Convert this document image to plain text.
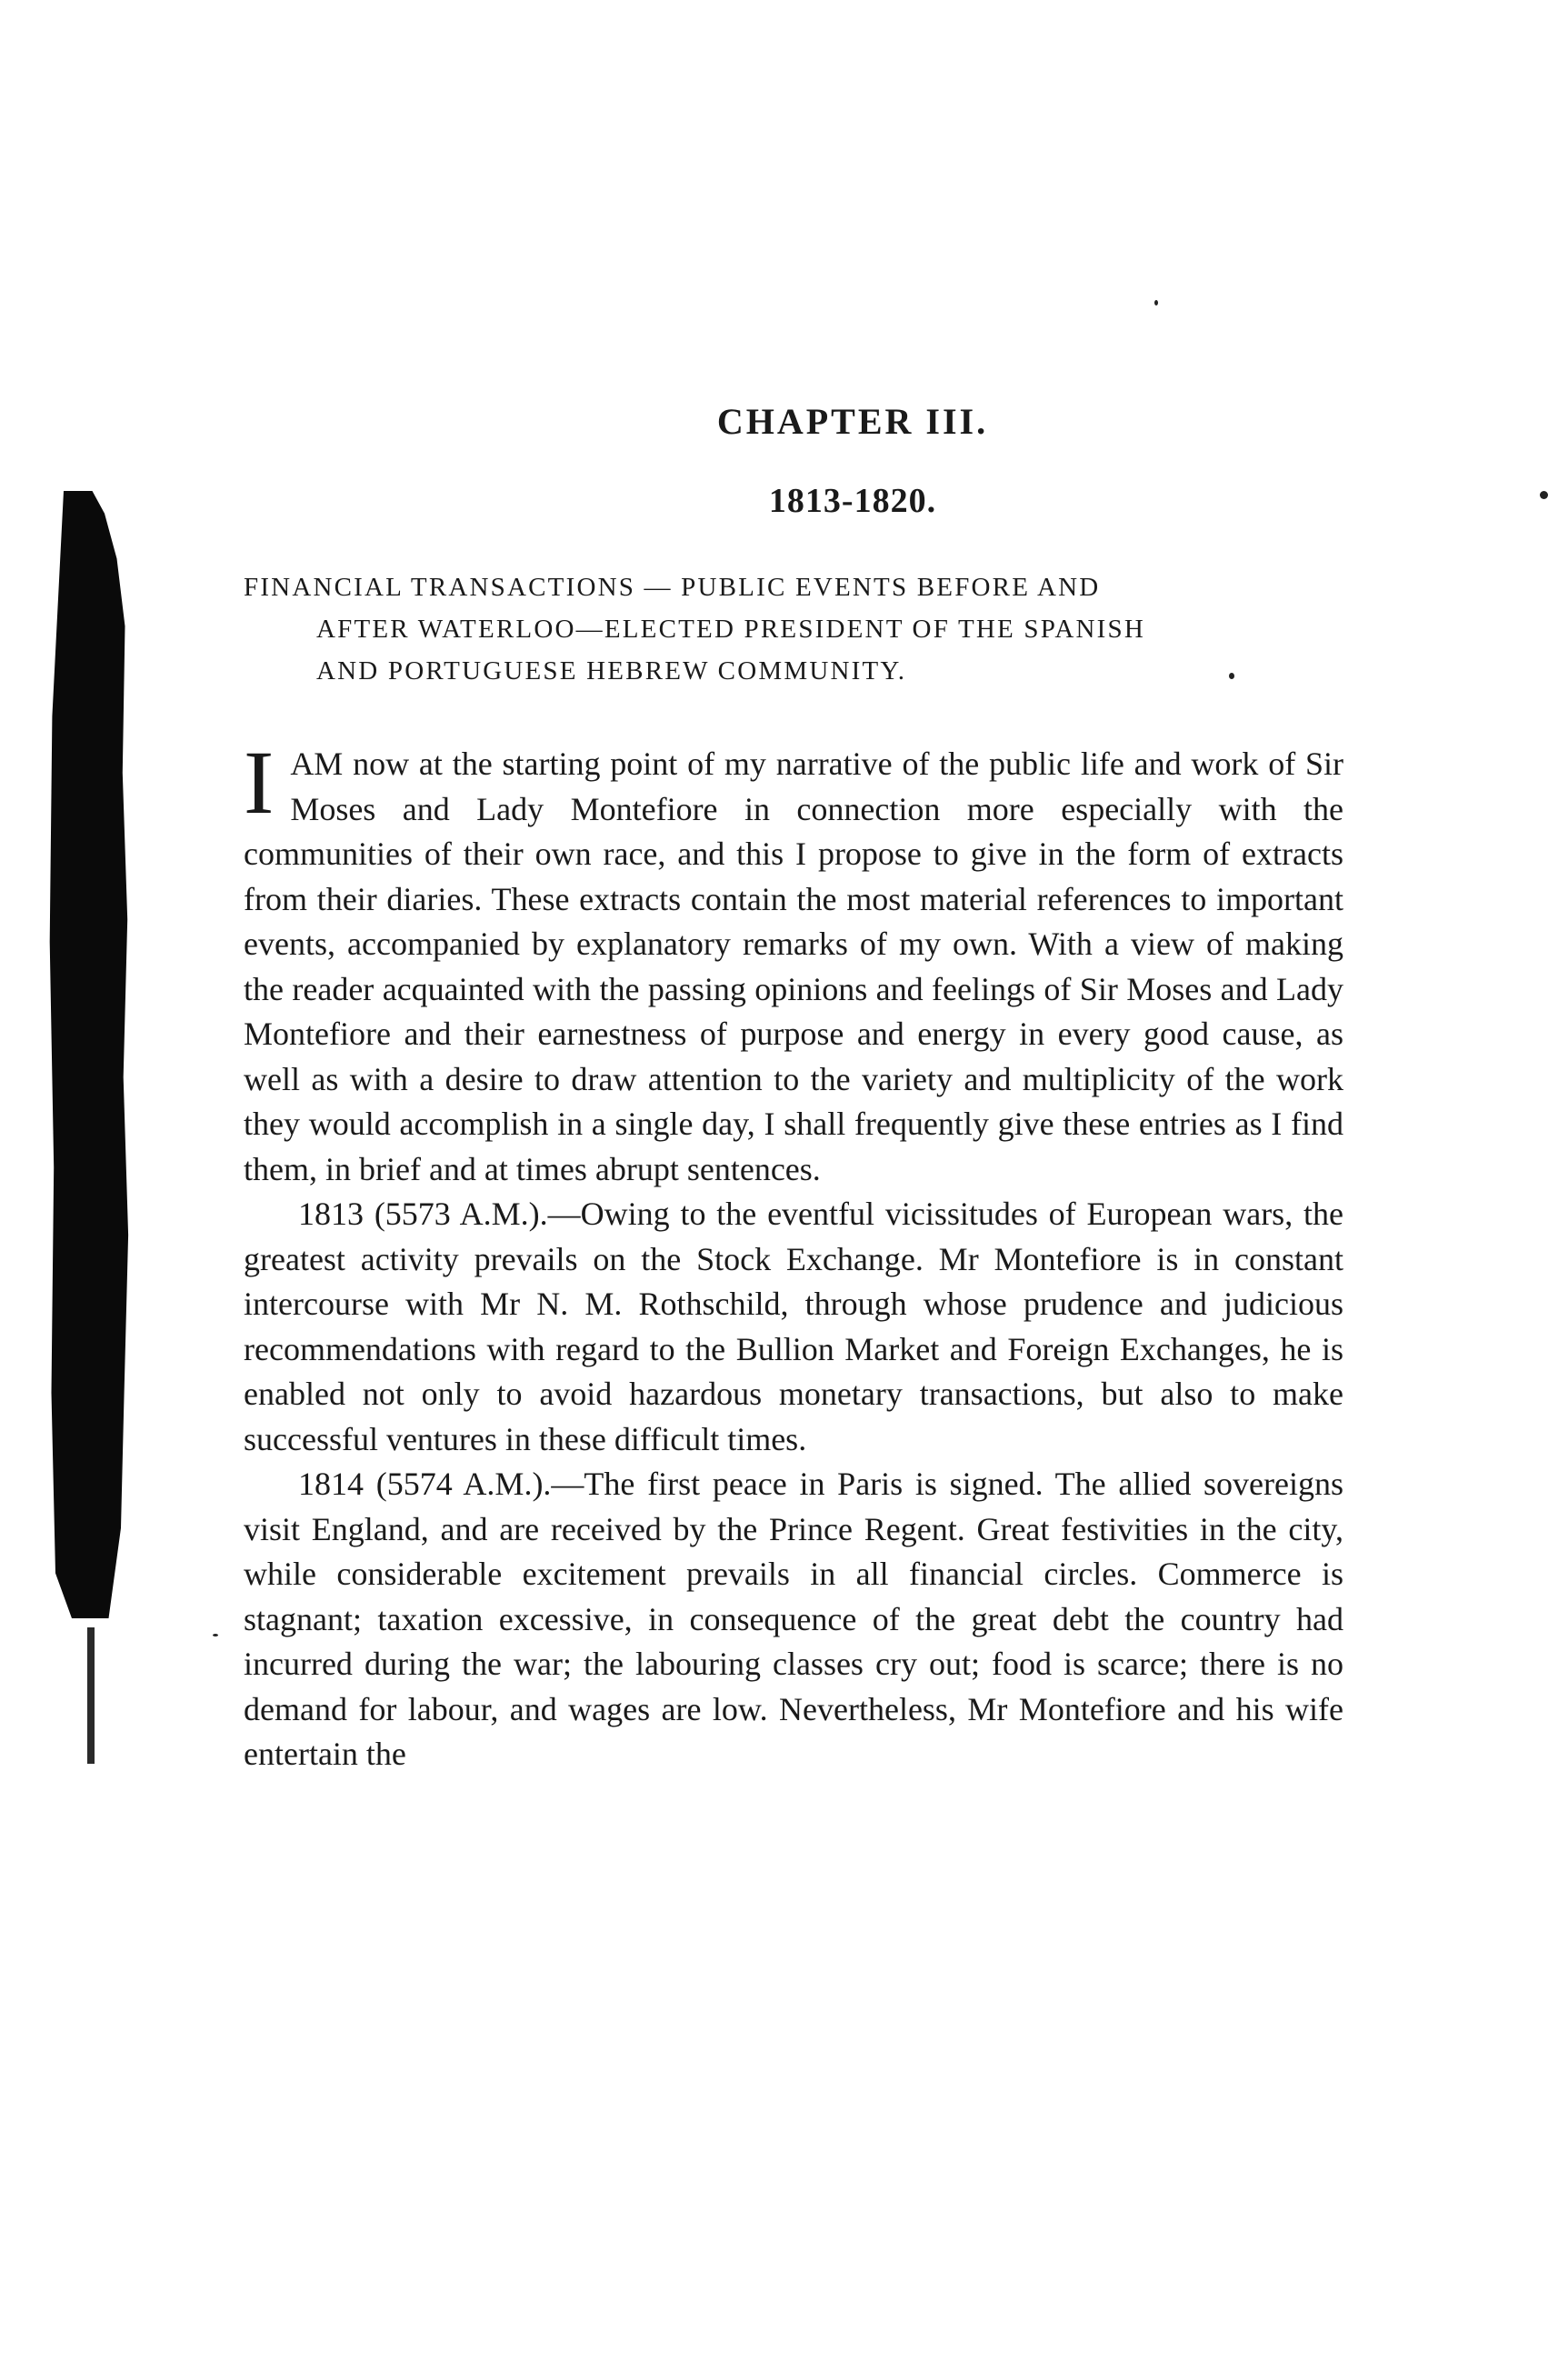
CHAPTER III.
1813-1820.
FINANCIAL TRANSACTIONS — PUBLIC EVENTS BEFORE AND
AFTER WATERLOO—ELECTED PRESIDENT OF THE SPANISH
AND PORTUGUESE HEBREW COMMUNITY.

IAM now at the starting point of my narrative of the public life and work of Sir Moses and Lady Montefiore in connection more especially with the communities of their own race, and this I propose to give in the form of extracts from their diaries. These extracts contain the most material references to important events, accompanied by explanatory remarks of my own. With a view of making the reader acquainted with the passing opinions and feelings of Sir Moses and Lady Montefiore and their earnestness of purpose and energy in every good cause, as well as with a desire to draw attention to the variety and multiplicity of the work they would accomplish in a single day, I shall frequently give these entries as I find them, in brief and at times abrupt sentences.

1813 (5573 A.M.).—Owing to the eventful vicissitudes of European wars, the greatest activity prevails on the Stock Exchange. Mr Montefiore is in constant intercourse with Mr N. M. Rothschild, through whose prudence and judicious recommendations with regard to the Bullion Market and Foreign Exchanges, he is enabled not only to avoid hazardous monetary transactions, but also to make successful ventures in these difficult times.

1814 (5574 A.M.).—The first peace in Paris is signed. The allied sovereigns visit England, and are received by the Prince Regent. Great festivities in the city, while considerable excitement prevails in all financial circles. Commerce is stagnant; taxation excessive, in consequence of the great debt the country had incurred during the war; the labouring classes cry out; food is scarce; there is no demand for labour, and wages are low. Nevertheless, Mr Montefiore and his wife entertain the
